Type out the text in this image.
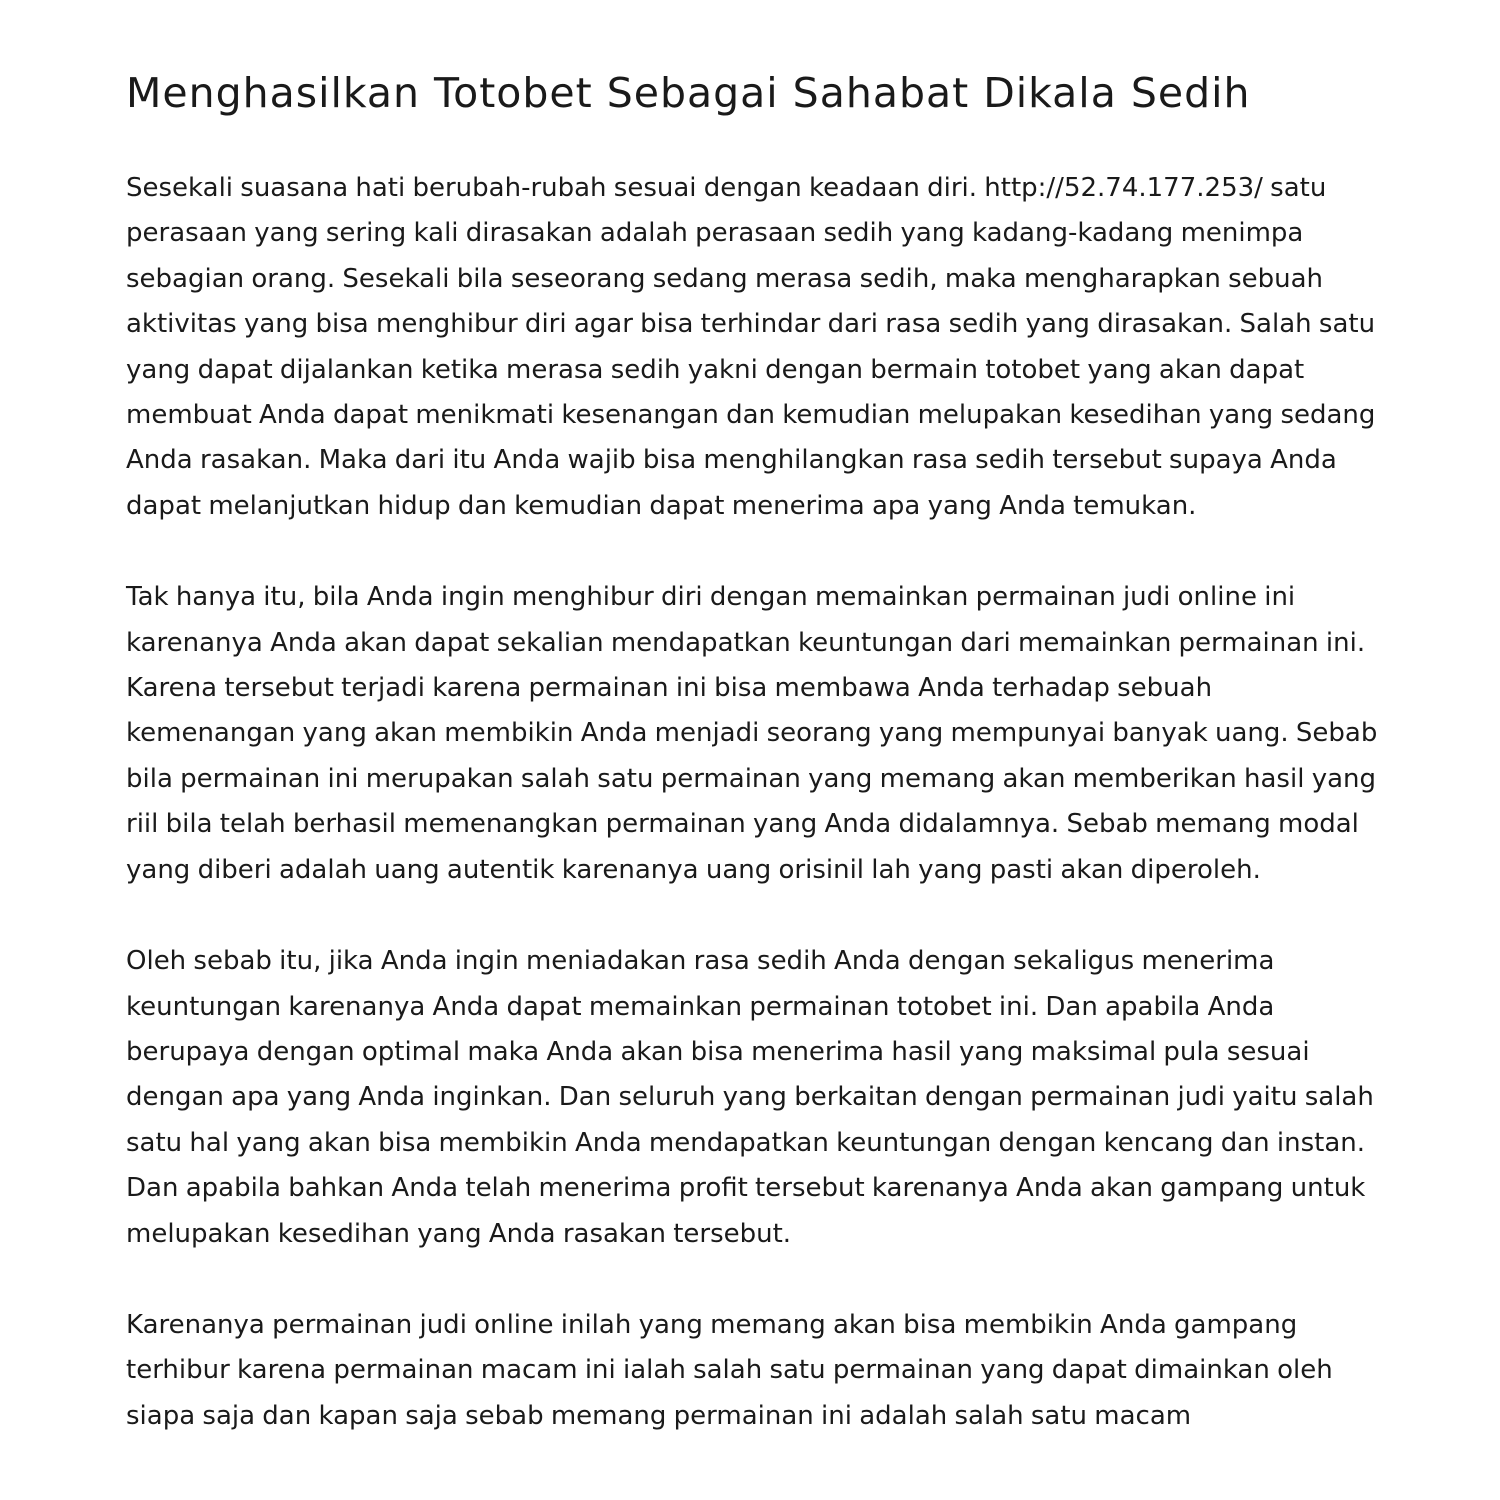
Menghasilkan Totobet Sebagai Sahabat Dikala Sedih

Sesekali suasana hati berubah-rubah sesuai dengan keadaan diri. http://52.74.177.253/ satu perasaan yang sering kali dirasakan adalah perasaan sedih yang kadang-kadang menimpa sebagian orang. Sesekali bila seseorang sedang merasa sedih, maka mengharapkan sebuah aktivitas yang bisa menghibur diri agar bisa terhindar dari rasa sedih yang dirasakan. Salah satu yang dapat dijalankan ketika merasa sedih yakni dengan bermain totobet yang akan dapat membuat Anda dapat menikmati kesenangan dan kemudian melupakan kesedihan yang sedang Anda rasakan. Maka dari itu Anda wajib bisa menghilangkan rasa sedih tersebut supaya Anda dapat melanjutkan hidup dan kemudian dapat menerima apa yang Anda temukan.

Tak hanya itu, bila Anda ingin menghibur diri dengan memainkan permainan judi online ini karenanya Anda akan dapat sekalian mendapatkan keuntungan dari memainkan permainan ini. Karena tersebut terjadi karena permainan ini bisa membawa Anda terhadap sebuah kemenangan yang akan membikin Anda menjadi seorang yang mempunyai banyak uang. Sebab bila permainan ini merupakan salah satu permainan yang memang akan memberikan hasil yang riil bila telah berhasil memenangkan permainan yang Anda didalamnya. Sebab memang modal yang diberi adalah uang autentik karenanya uang orisinil lah yang pasti akan diperoleh.

Oleh sebab itu, jika Anda ingin meniadakan rasa sedih Anda dengan sekaligus menerima keuntungan karenanya Anda dapat memainkan permainan totobet ini. Dan apabila Anda berupaya dengan optimal maka Anda akan bisa menerima hasil yang maksimal pula sesuai dengan apa yang Anda inginkan. Dan seluruh yang berkaitan dengan permainan judi yaitu salah satu hal yang akan bisa membikin Anda mendapatkan keuntungan dengan kencang dan instan. Dan apabila bahkan Anda telah menerima profit tersebut karenanya Anda akan gampang untuk melupakan kesedihan yang Anda rasakan tersebut.

Karenanya permainan judi online inilah yang memang akan bisa membikin Anda gampang terhibur karena permainan macam ini ialah salah satu permainan yang dapat dimainkan oleh siapa saja dan kapan saja sebab memang permainan ini adalah salah satu macam
